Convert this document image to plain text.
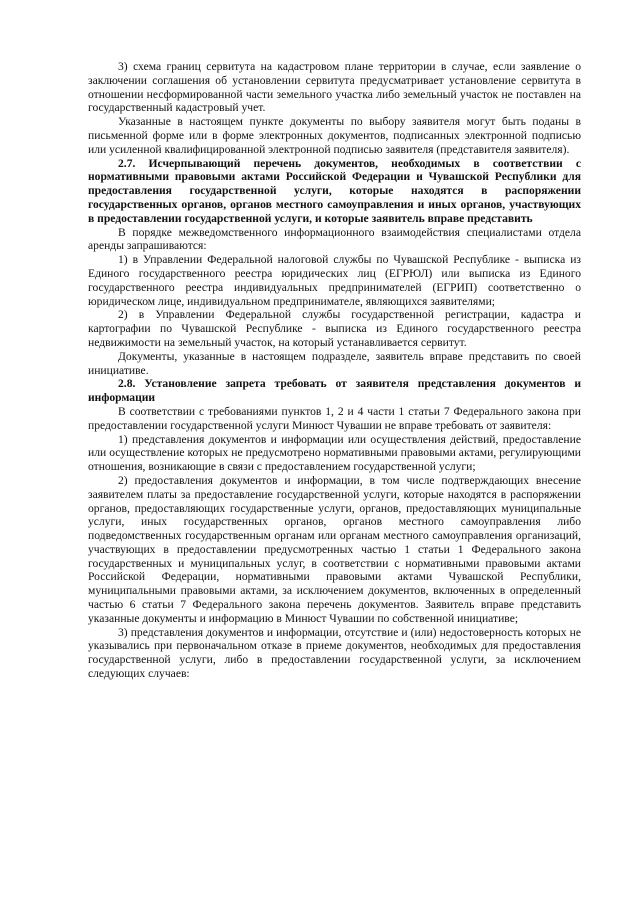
3) схема границ сервитута на кадастровом плане территории в случае, если заявление о заключении соглашения об установлении сервитута предусматривает установление сервитута в отношении несформированной части земельного участка либо земельный участок не поставлен на государственный кадастровый учет.

Указанные в настоящем пункте документы по выбору заявителя могут быть поданы в письменной форме или в форме электронных документов, подписанных электронной подписью или усиленной квалифицированной электронной подписью заявителя (представителя заявителя).

2.7. Исчерпывающий перечень документов, необходимых в соответствии с нормативными правовыми актами Российской Федерации и Чувашской Республики для предоставления государственной услуги, которые находятся в распоряжении государственных органов, органов местного самоуправления и иных органов, участвующих в предоставлении государственной услуги, и которые заявитель вправе представить

В порядке межведомственного информационного взаимодействия специалистами отдела аренды запрашиваются:

1) в Управлении Федеральной налоговой службы по Чувашской Республике - выписка из Единого государственного реестра юридических лиц (ЕГРЮЛ) или выписка из Единого государственного реестра индивидуальных предпринимателей (ЕГРИП) соответственно о юридическом лице, индивидуальном предпринимателе, являющихся заявителями;

2) в Управлении Федеральной службы государственной регистрации, кадастра и картографии по Чувашской Республике - выписка из Единого государственного реестра недвижимости на земельный участок, на который устанавливается сервитут.

Документы, указанные в настоящем подразделе, заявитель вправе представить по своей инициативе.

2.8. Установление запрета требовать от заявителя представления документов и информации

В соответствии с требованиями пунктов 1, 2 и 4 части 1 статьи 7 Федерального закона при предоставлении государственной услуги Минюст Чувашии не вправе требовать от заявителя:

1) представления документов и информации или осуществления действий, предоставление или осуществление которых не предусмотрено нормативными правовыми актами, регулирующими отношения, возникающие в связи с предоставлением государственной услуги;

2) предоставления документов и информации, в том числе подтверждающих внесение заявителем платы за предоставление государственной услуги, которые находятся в распоряжении органов, предоставляющих государственные услуги, органов, предоставляющих муниципальные услуги, иных государственных органов, органов местного самоуправления либо подведомственных государственным органам или органам местного самоуправления организаций, участвующих в предоставлении предусмотренных частью 1 статьи 1 Федерального закона государственных и муниципальных услуг, в соответствии с нормативными правовыми актами Российской Федерации, нормативными правовыми актами Чувашской Республики, муниципальными правовыми актами, за исключением документов, включенных в определенный частью 6 статьи 7 Федерального закона перечень документов. Заявитель вправе представить указанные документы и информацию в Минюст Чувашии по собственной инициативе;

3) представления документов и информации, отсутствие и (или) недостоверность которых не указывались при первоначальном отказе в приеме документов, необходимых для предоставления государственной услуги, либо в предоставлении государственной услуги, за исключением следующих случаев:
